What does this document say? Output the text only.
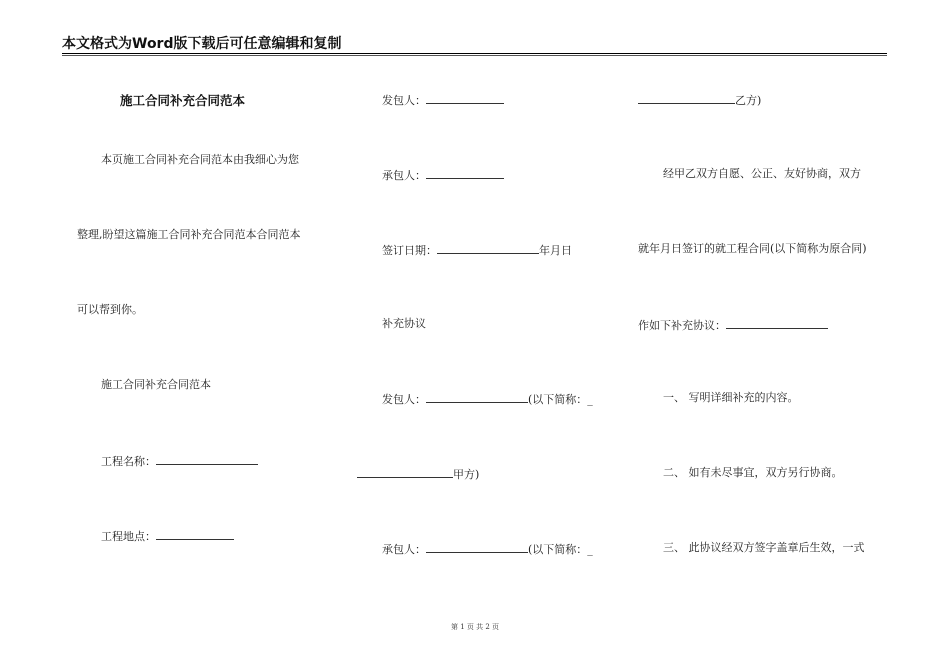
本文格式为Word版下载后可任意编辑和复制
施工合同补充合同范本
本页施工合同补充合同范本由我细心为您
整理,盼望这篇施工合同补充合同范本合同范本
可以帮到你。
施工合同补充合同范本
工程名称：
工程地点：
发包人：
承包人：
签订日期：	年月日
补充协议
发包人：	(以下简称：_
甲方)
承包人：	(以下简称：_
乙方)
经甲乙双方自愿、公正、友好协商，双方
就年月日签订的就工程合同(以下简称为原合同)
作如下补充协议：
一、 写明详细补充的内容。
二、 如有未尽事宜，双方另行协商。
三、 此协议经双方签字盖章后生效，一式
第 1 页 共 2 页
